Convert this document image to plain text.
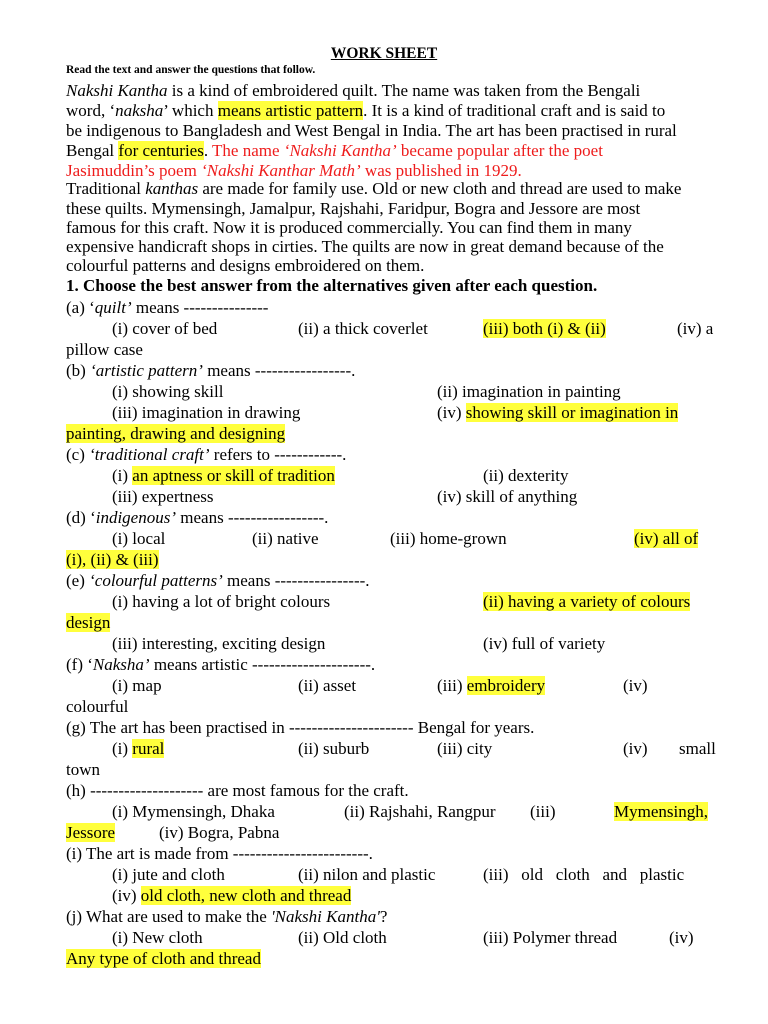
WORK SHEET
Read the text and answer the questions that follow.
Nakshi Kantha is a kind of embroidered quilt. The name was taken from the Bengali
word, ‘naksha’ which means artistic pattern. It is a kind of traditional craft and is said to
be indigenous to Bangladesh and West Bengal in India. The art has been practised in rural
Bengal for centuries. The name ‘Nakshi Kantha’ became popular after the poet
Jasimuddin’s poem ‘Nakshi Kanthar Math’ was published in 1929.
Traditional kanthas are made for family use. Old or new cloth and thread are used to make
these quilts. Mymensingh, Jamalpur, Rajshahi, Faridpur, Bogra and Jessore are most
famous for this craft. Now it is produced commercially. You can find them in many
expensive handicraft shops in cirties. The quilts are now in great demand because of the
colourful patterns and designs embroidered on them.
1. Choose the best answer from the alternatives given after each question.
(a) ‘quilt’ means ---------------
(i) cover of bed	(ii) a thick coverlet	(iii) both (i) & (ii)	(iv) a
pillow case
(b) ‘artistic pattern’ means -----------------.
(i) showing skill	(ii) imagination in painting
(iii) imagination in drawing	(iv) showing skill or imagination in
painting, drawing and designing
(c) ‘traditional craft’ refers to ------------.
(i) an aptness or skill of tradition	(ii) dexterity
(iii) expertness	(iv) skill of anything
(d) ‘indigenous’ means -----------------.
(i) local	(ii) native	(iii) home-grown	(iv) all of
(i), (ii) & (iii)
(e) ‘colourful patterns’ means ----------------.
(i) having a lot of bright colours	(ii) having a variety of colours
design
(iii) interesting, exciting design	(iv) full of variety
(f) ‘Naksha’ means artistic ---------------------.
(i) map	(ii) asset	(iii) embroidery	(iv)
colourful
(g) The art has been practised in ---------------------- Bengal for years.
(i) rural	(ii) suburb	(iii) city	(iv) small
town
(h) -------------------- are most famous for the craft.
(i) Mymensingh, Dhaka	(ii) Rajshahi, Rangpur (iii)	Mymensingh,
Jessore	(iv) Bogra, Pabna
(i) The art is made from ------------------------.
(i) jute and cloth	(ii) nilon and plastic	(iii)   old   cloth   and   plastic
(iv) old cloth, new cloth and thread
(j) What are used to make the 'Nakshi Kantha'?
(i) New cloth	(ii) Old cloth	(iii) Polymer thread	(iv)
Any type of cloth and thread
